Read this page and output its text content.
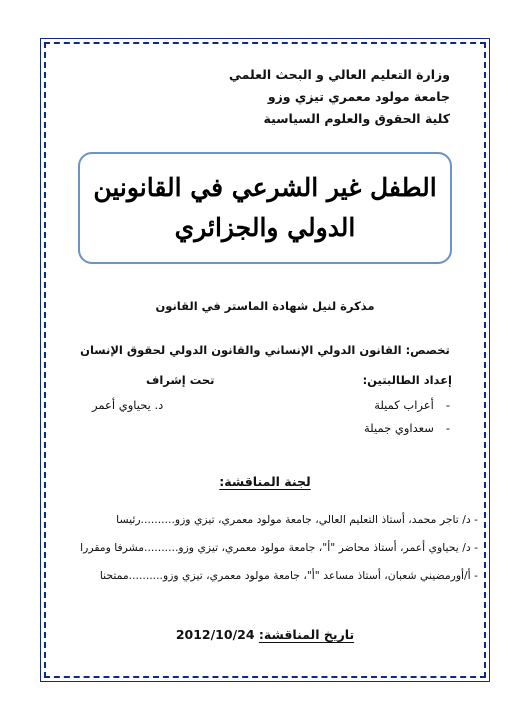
وزارة التعليم العالي و البحث العلمي
جامعة مولود معمري تيزي وزو
كلية الحقوق والعلوم السياسية
الطفل غير الشرعي في القانونين
الدولي والجزائري
مذكرة لنيل شهادة الماستر في القانون
تخصص: القانون الدولي الإنساني والقانون الدولي لحقوق الإنسان
إعداد الطالبتين:
-أعراب كميلة
-سعداوي جميلة
تحت إشراف
د. يحياوي أعمر
لجنة المناقشة:
- د/ تاجر محمد، أستاذ التعليم العالي، جامعة مولود معمري، تيزي وزو..........رئيسا
- د/ يحياوي أعمر، أستاذ محاضر "أ"، جامعة مولود معمري، تيزي وزو..........مشرفا ومقررا
- أ/أورمضيني شعبان، أستاذ مساعد "أ"، جامعة مولود معمري، تيزي وزو..........ممتحنا
تاريخ المناقشة: 2012/10/24
